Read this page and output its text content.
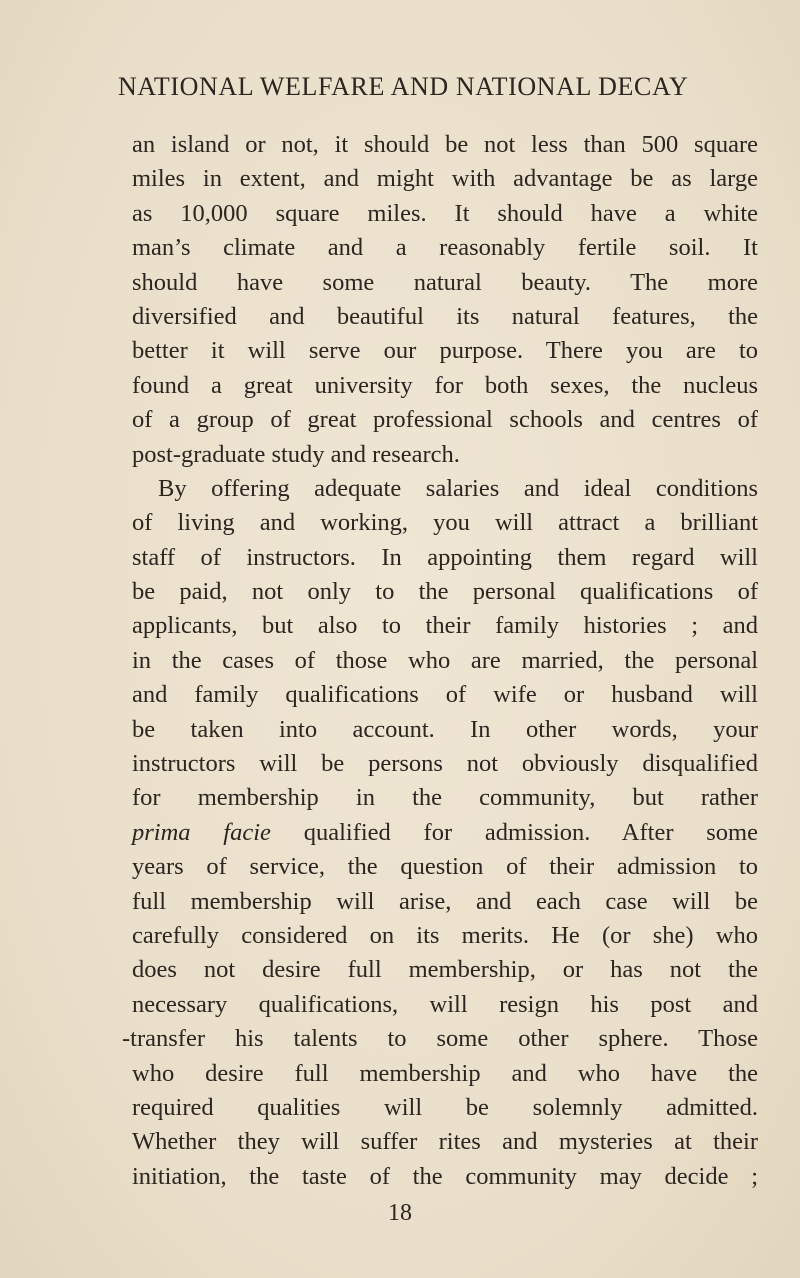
NATIONAL WELFARE AND NATIONAL DECAY
an island or not, it should be not less than 500 square
miles in extent, and might with advantage be as large
as 10,000 square miles. It should have a white
man’s climate and a reasonably fertile soil. It
should have some natural beauty. The more
diversified and beautiful its natural features, the
better it will serve our purpose. There you are to
found a great university for both sexes, the nucleus
of a group of great professional schools and centres of
post-graduate study and research.
By offering adequate salaries and ideal conditions
of living and working, you will attract a brilliant
staff of instructors. In appointing them regard will
be paid, not only to the personal qualifications of
applicants, but also to their family histories ; and
in the cases of those who are married, the personal
and family qualifications of wife or husband will
be taken into account. In other words, your
instructors will be persons not obviously disqualified
for membership in the community, but rather
prima facie qualified for admission. After some
years of service, the question of their admission to
full membership will arise, and each case will be
carefully considered on its merits. He (or she) who
does not desire full membership, or has not the
necessary qualifications, will resign his post and
-transfer his talents to some other sphere. Those
who desire full membership and who have the
required qualities will be solemnly admitted.
Whether they will suffer rites and mysteries at their
initiation, the taste of the community may decide ;
18
